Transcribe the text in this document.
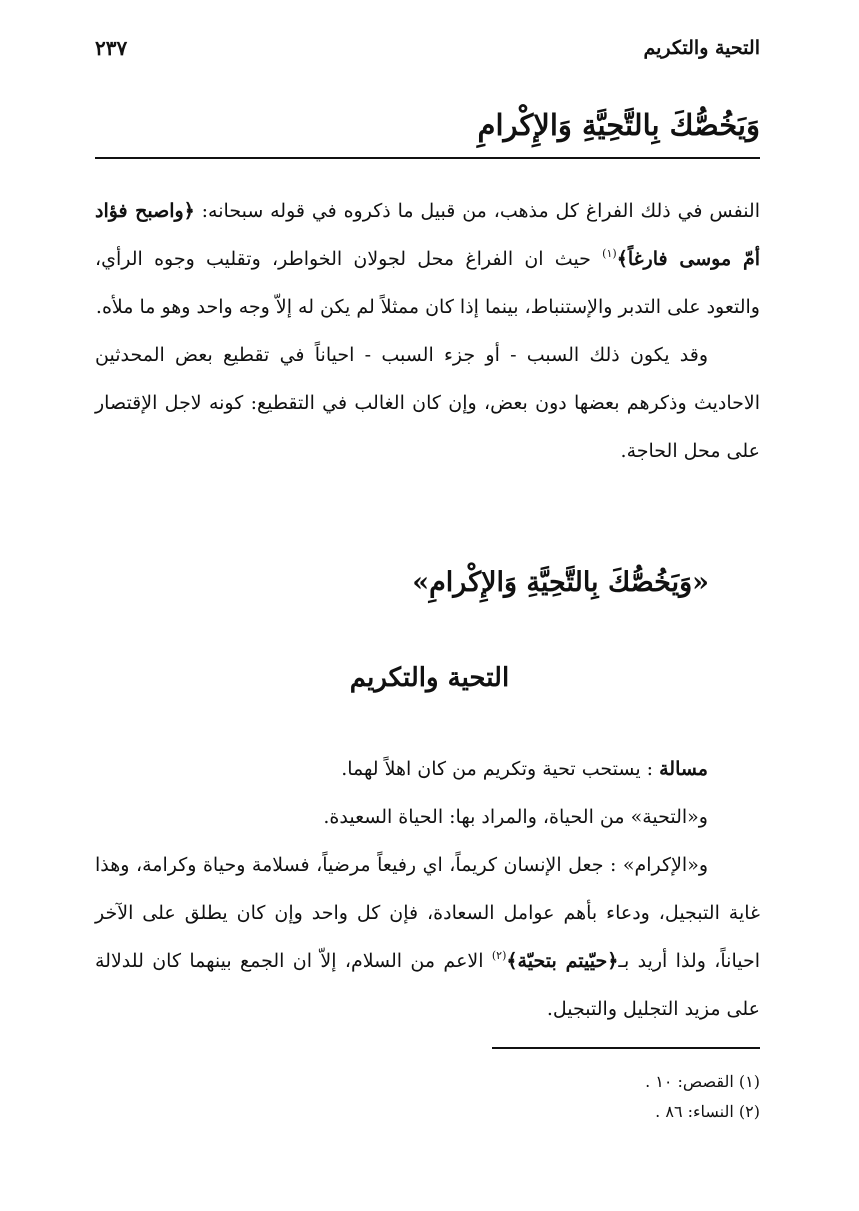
التحية والتكريم
٢٣٧
وَيَخُصُّكَ بِالتَّحِيَّةِ وَالإِكْرامِ

النفس في ذلك الفراغ كل مذهب، من قبيل ما ذكروه في قوله سبحانه: ﴿واصبح فؤاد أمّ موسى فارغاً﴾$^{(١)}$ حيث ان الفراغ محل لجولان الخواطر، وتقليب وجوه الرأي، والتعود على التدبر والإستنباط، بينما إذا كان ممثلاً لم يكن له إلاّ وجه واحد وهو ما ملأه.

وقد يكون ذلك السبب - أو جزء السبب - احياناً في تقطيع بعض المحدثين الاحاديث وذكرهم بعضها دون بعض، وإن كان الغالب في التقطيع: كونه لاجل الإقتصار على محل الحاجة.

«وَيَخُصُّكَ بِالتَّحِيَّةِ وَالإِكْرامِ»
التحية والتكريم

مسالة : يستحب تحية وتكريم من كان اهلاً لهما.

و«التحية» من الحياة، والمراد بها: الحياة السعيدة.

و«الإكرام» : جعل الإنسان كريماً، اي رفيعاً مرضياً، فسلامة وحياة وكرامة، وهذا غاية التبجيل، ودعاء بأهم عوامل السعادة، فإن كل واحد وإن كان يطلق على الآخر احياناً، ولذا أريد بـ﴿حيّيتم بتحيّة﴾$^{(٢)}$ الاعم من السلام، إلاّ ان الجمع بينهما كان للدلالة على مزيد التجليل والتبجيل.

(١) القصص: ١٠ .

(٢) النساء: ٨٦ .
